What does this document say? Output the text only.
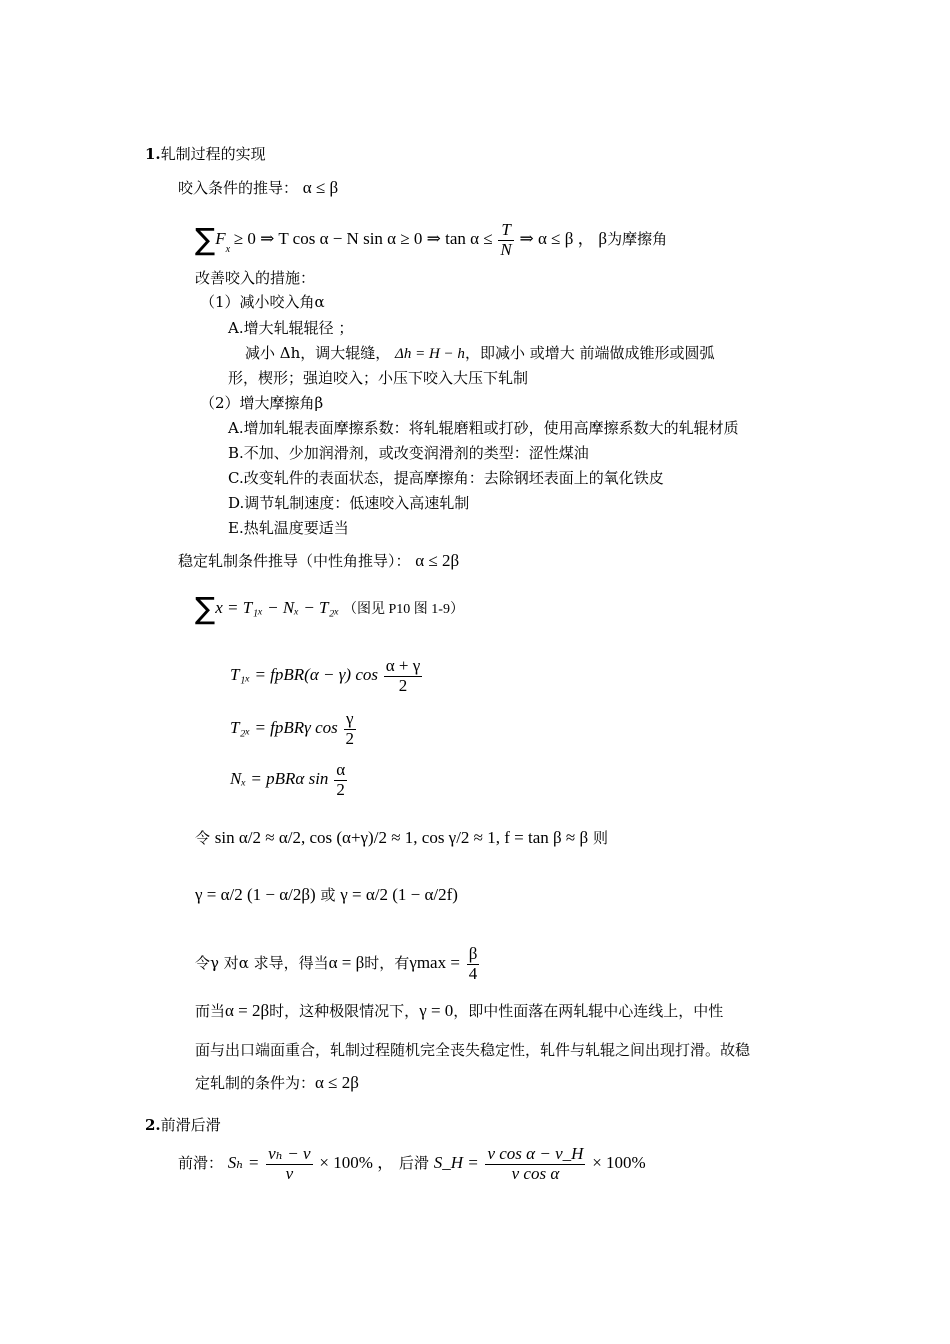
1.轧制过程的实现
咬入条件的推导： α ≤ β
$\sum F_x \ge 0$ ⇒ T cos α − N sin α ≥ 0 ⇒ $\tan \alpha \le \frac{T}{N}$ ⇒ α ≤ β ， β为摩擦角
改善咬入的措施：
（1）减小咬入角α
A.增大轧辊辊径 ；
减小 Δh，调大辊缝， Δh = H − h，即减小 或增大 前端做成锥形或圆弧
形，楔形；强迫咬入；小压下咬入大压下轧制
（2）增大摩擦角β
A.增加轧辊表面摩擦系数：将轧辊磨粗或打砂，使用高摩擦系数大的轧辊材质
B.不加、少加润滑剂，或改变润滑剂的类型：涩性煤油
C.改变轧件的表面状态，提高摩擦角：去除钢坯表面上的氧化铁皮
D.调节轧制速度：低速咬入高速轧制
E.热轧温度要适当
稳定轧制条件推导（中性角推导）： α ≤ 2β
∑x = T₁ₓ − Nₓ − T₂ₓ （图见 P10 图 1-9）
T₁ₓ = fpBR(α − γ) $\cos \frac{\alpha + \gamma}{2}$
T₂ₓ = fpBRγ $\cos \frac{\gamma}{2}$
Nₓ = pBRα $\sin \frac{\alpha}{2}$
令 sin α/2 ≈ α/2, cos (α+γ)/2 ≈ 1, cos γ/2 ≈ 1, f = tan β ≈ β 则
γ = α/2 (1 − α/2β) 或 γ = α/2 (1 − α/2f)
令γ 对α 求导，得当α = β时，有$\gamma\max = \frac{\beta}{4}$
而当α = 2β时，这种极限情况下，γ = 0，即中性面落在两轧辊中心连线上，中性
面与出口端面重合，轧制过程随机完全丧失稳定性，轧件与轧辊之间出现打滑。故稳
定轧制的条件为：α ≤ 2β
2.前滑后滑
前滑： $S_h = \frac{\text{vₕ − v}}{v} \times 100\%$ ， 后滑 S_H = $\frac{\text{v cos α − v\_H}}{\text{v cos α}} \times 100\%$
